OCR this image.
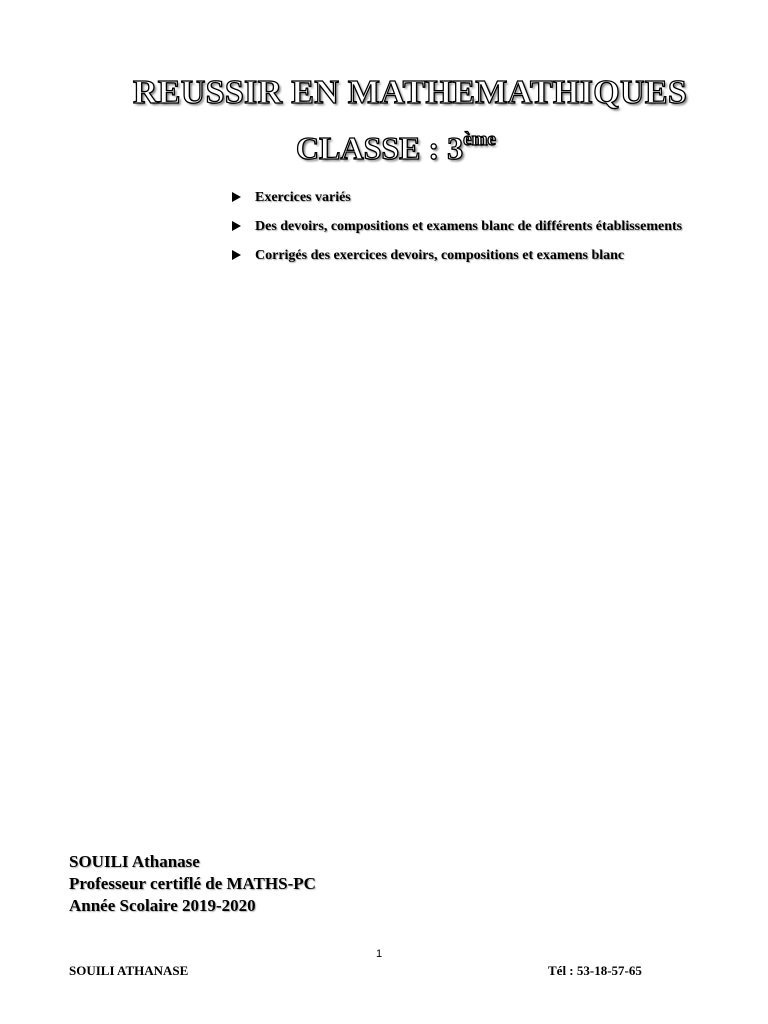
REUSSIR EN MATHEMATHIQUES
CLASSE : 3ème
Exercices variés
Des devoirs, compositions et examens blanc de différents établissements
Corrigés des exercices devoirs, compositions et examens blanc
SOUILI Athanase
Professeur certiflé de MATHS-PC
Année Scolaire 2019-2020
1
SOUILI ATHANASE	Tél : 53-18-57-65
